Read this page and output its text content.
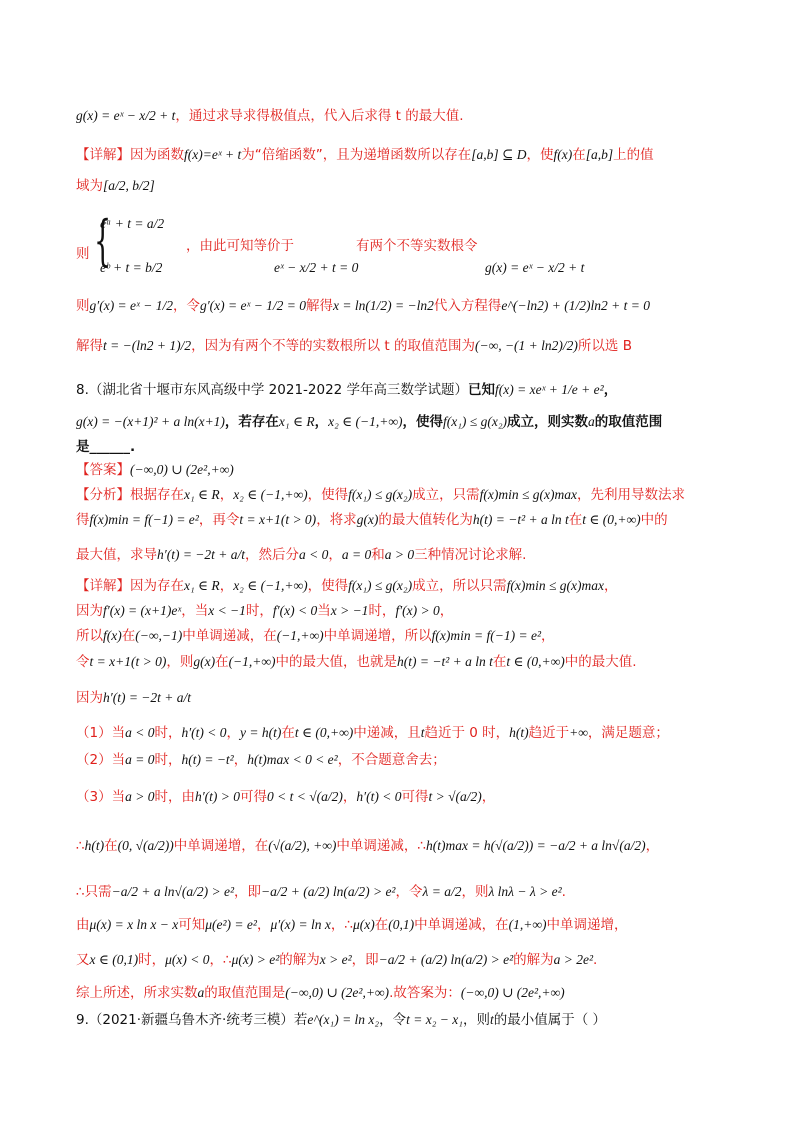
g(x) = eˣ − x/2 + t，通过求导求得极值点，代入后求得 t 的最大值.
【详解】因为函数f(x)=eˣ + t为“倍缩函数”，且为递增函数所以存在[a,b] ⊆ D，使f(x)在[a,b]上的值
域为[a/2, b/2]
则 {
eᵃ + t = a/2
eᵇ + t = b/2
，由此可知等价于	有两个不等实数根令
eˣ − x/2 + t = 0	g(x) = eˣ − x/2 + t
则g′(x) = eˣ − 1/2，令g′(x) = eˣ − 1/2 = 0解得x = ln(1/2) = −ln2代入方程得e^(−ln2) + (1/2)ln2 + t = 0
解得t = −(ln2 + 1)/2，因为有两个不等的实数根所以 t 的取值范围为(−∞, −(1 + ln2)/2)所以选 B
8.（湖北省十堰市东风高级中学 2021-2022 学年高三数学试题）已知f(x) = xeˣ + 1/e + e²，
g(x) = −(x+1)² + a ln(x+1)，若存在x₁ ∈ R，x₂ ∈ (−1,+∞)，使得f(x₁) ≤ g(x₂)成立，则实数a的取值范围
是______.
【答案】(−∞,0) ∪ (2e²,+∞)
【分析】根据存在x₁ ∈ R，x₂ ∈ (−1,+∞)，使得f(x₁) ≤ g(x₂)成立，只需f(x)min ≤ g(x)max，先利用导数法求
得f(x)min = f(−1) = e²，再令t = x+1(t > 0)，将求g(x)的最大值转化为h(t) = −t² + a ln t在t ∈ (0,+∞)中的
最大值，求导h′(t) = −2t + a/t，然后分a < 0，a = 0和a > 0三种情况讨论求解.
【详解】因为存在x₁ ∈ R，x₂ ∈ (−1,+∞)，使得f(x₁) ≤ g(x₂)成立，所以只需f(x)min ≤ g(x)max，
因为f′(x) = (x+1)eˣ，当x < −1时，f′(x) < 0当x > −1时，f′(x) > 0，
所以f(x)在(−∞,−1)中单调递减，在(−1,+∞)中单调递增，所以f(x)min = f(−1) = e²，
令t = x+1(t > 0)，则g(x)在(−1,+∞)中的最大值，也就是h(t) = −t² + a ln t在t ∈ (0,+∞)中的最大值.
因为h′(t) = −2t + a/t
（1）当a < 0时，h′(t) < 0，y = h(t)在t ∈ (0,+∞)中递减，且t趋近于 0 时，h(t)趋近于+∞，满足题意；
（2）当a = 0时，h(t) = −t²，h(t)max < 0 < e²，不合题意舍去；
（3）当a > 0时，由h′(t) > 0可得0 < t < √(a/2)，h′(t) < 0可得t > √(a/2)，
∴h(t)在(0, √(a/2))中单调递增，在(√(a/2), +∞)中单调递减，∴h(t)max = h(√(a/2)) = −a/2 + a ln√(a/2)，
∴只需−a/2 + a ln√(a/2) > e²，即−a/2 + (a/2) ln(a/2) > e²，令λ = a/2，则λ lnλ − λ > e².
由μ(x) = x ln x − x可知μ(e²) = e²，μ′(x) = ln x，∴μ(x)在(0,1)中单调递减，在(1,+∞)中单调递增，
又x ∈ (0,1)时，μ(x) < 0，∴μ(x) > e²的解为x > e²，即−a/2 + (a/2) ln(a/2) > e²的解为a > 2e².
综上所述，所求实数a的取值范围是(−∞,0) ∪ (2e²,+∞).故答案为：(−∞,0) ∪ (2e²,+∞)
9.（2021·新疆乌鲁木齐·统考三模）若e^(x₁) = ln x₂，令t = x₂ − x₁，则t的最小值属于（ ）
